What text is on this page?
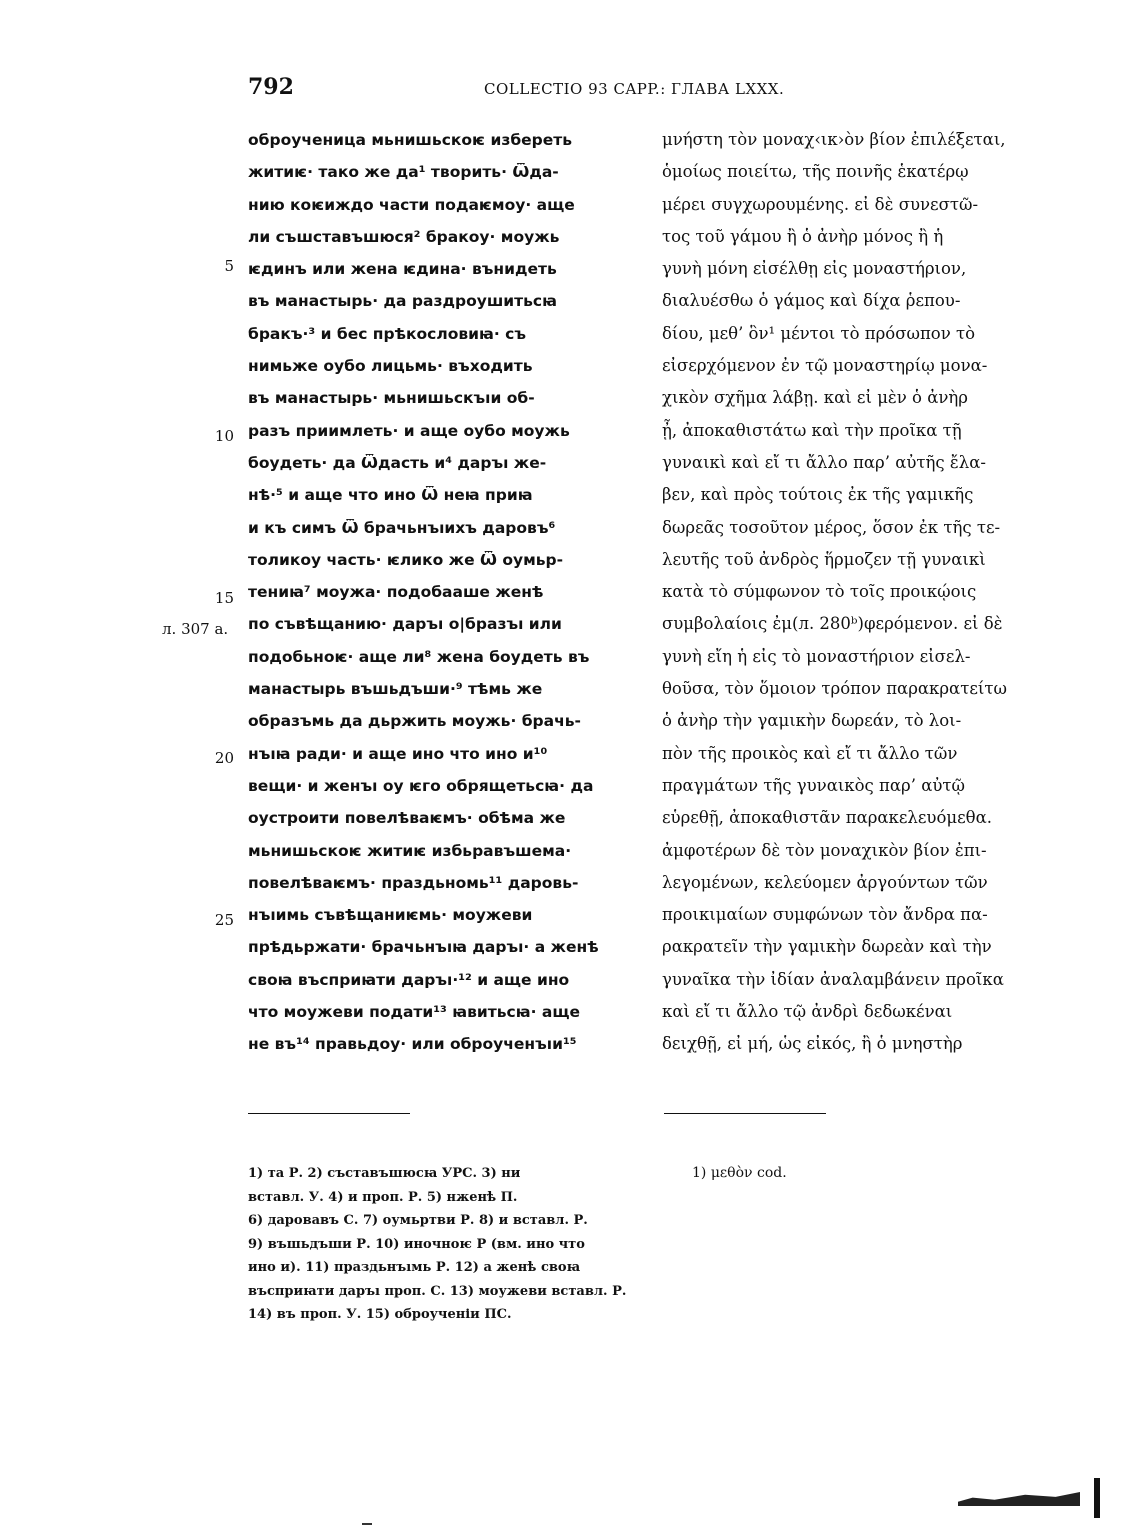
792	COLLECTIO 93 CAPP.: ГЛАВА LXXX.
5
10
15
20
25
л. 307 а.
оброученица мьнишьскоѥ избереть
житиѥ· тако же да¹ творить· Ѿда-
нию коѥиждо части подаѥмоу· аще
ли съшставъшюся² бракоу· моужь
ѥдинъ или жена ѥдина· вънидеть
въ манастырь· да раздроушитьсꙗ
бракъ·³ и бес прѣкословиꙗ· съ
нимьже оубо лицьмь· въходить
въ манастырь· мьнишьскъıи об-
разъ приимлеть· и аще оубо моужь
боудеть· да Ѿдасть и⁴ даръı же-
нѣ·⁵ и аще что ино Ѿ неꙗ приꙗ
и къ симъ Ѿ брачьнъıихъ даровъ⁶
толикоу часть· ѥлико же Ѿ оумьр-
тениꙗ⁷ моужа· подобааше женѣ
по съвѣщанию· даръı о|бразъı или
подобьноѥ· аще ли⁸ жена боудеть въ
манастырь въшьдъши·⁹ тѣмь же
образъмь да дьржить моужь· брачь-
нъıꙗ ради· и аще ино что ино и¹⁰
вещи· и женъı оу ѥго обрящетьсꙗ· да
оустроити повелѣваѥмъ· обѣма же
мьнишьскоѥ житиѥ избьравъшема·
повелѣваѥмъ· праздьномь¹¹ даровь-
нъıимь съвѣщаниѥмь· моужеви
прѣдьржати· брачьнъıꙗ даръı· а женѣ
своꙗ въсприꙗти даръı·¹² и аще ино
что моужеви подати¹³ ꙗвитьсꙗ· аще
не въ¹⁴ правьдоу· или оброученъıи¹⁵
μνήστη τὸν μοναχ‹ικ›ὸν βίον ἐπιλέξεται,
ὁμοίως ποιείτω, τῆς ποινῆς ἑκατέρῳ
μέρει συγχωρουμένης. εἰ δὲ συνεστῶ-
τος τοῦ γάμου ἢ ὁ ἀνὴρ μόνος ἢ ἡ
γυνὴ μόνη εἰσέλθῃ εἰς μοναστήριον,
διαλυέσθω ὁ γάμος καὶ δίχα ῥεπου-
δίου, μεθ’ ὃν¹ μέντοι τὸ πρόσωπον τὸ
εἰσερχόμενον ἐν τῷ μοναστηρίῳ μονα-
χικὸν σχῆμα λάβῃ. καὶ εἰ μὲν ὁ ἀνὴρ
ᾖ, ἀποκαθιστάτω καὶ τὴν προῖκα τῇ
γυναικὶ καὶ εἴ τι ἄλλο παρ’ αὐτῆς ἔλα-
βεν, καὶ πρὸς τούτοις ἐκ τῆς γαμικῆς
δωρεᾶς τοσοῦτον μέρος, ὅσον ἐκ τῆς τε-
λευτῆς τοῦ ἀνδρὸς ἥρμοζεν τῇ γυναικὶ
κατὰ τὸ σύμφωνον τὸ τοῖς προικῴοις
συμβολαίοις ἐμ(л. 280ᵇ)φερόμενον. εἰ δὲ
γυνὴ εἴη ἡ εἰς τὸ μοναστήριον εἰσελ-
θοῦσα, τὸν ὅμοιον τρόπον παρακρατείτω
ὁ ἀνὴρ τὴν γαμικὴν δωρεάν, τὸ λοι-
πὸν τῆς προικὸς καὶ εἴ τι ἄλλο τῶν
πραγμάτων τῆς γυναικὸς παρ’ αὐτῷ
εὑρεθῇ, ἀποκαθιστᾶν παρακελευόμεθα.
ἀμφοτέρων δὲ τὸν μοναχικὸν βίον ἐπι-
λεγομένων, κελεύομεν ἀργούντων τῶν
προικιμαίων συμφώνων τὸν ἄνδρα πα-
ρακρατεῖν τὴν γαμικὴν δωρεὰν καὶ τὴν
γυναῖκα τὴν ἰδίαν ἀναλαμβάνειν προῖκα
καὶ εἴ τι ἄλλο τῷ ἀνδρὶ δεδωκέναι
δειχθῇ, εἰ μή, ὡς εἰκός, ἢ ὁ μνηστὴρ
1) та Р. 2) съставъшюсꙗ УРС. 3) ни
вставл. У. 4) и проп. Р. 5) нженѣ П.
6) даровавъ С. 7) оумьртви Р. 8) и вставл. Р.
9) въшьдъши Р. 10) иночноѥ Р (вм. ино что
ино и). 11) праздьнъıмь Р. 12) а женѣ своꙗ
въсприꙗти даръı проп. С. 13) моужеви вставл. Р.
14) въ проп. У. 15) оброученіи ПС.
1) μεθὸν cod.
